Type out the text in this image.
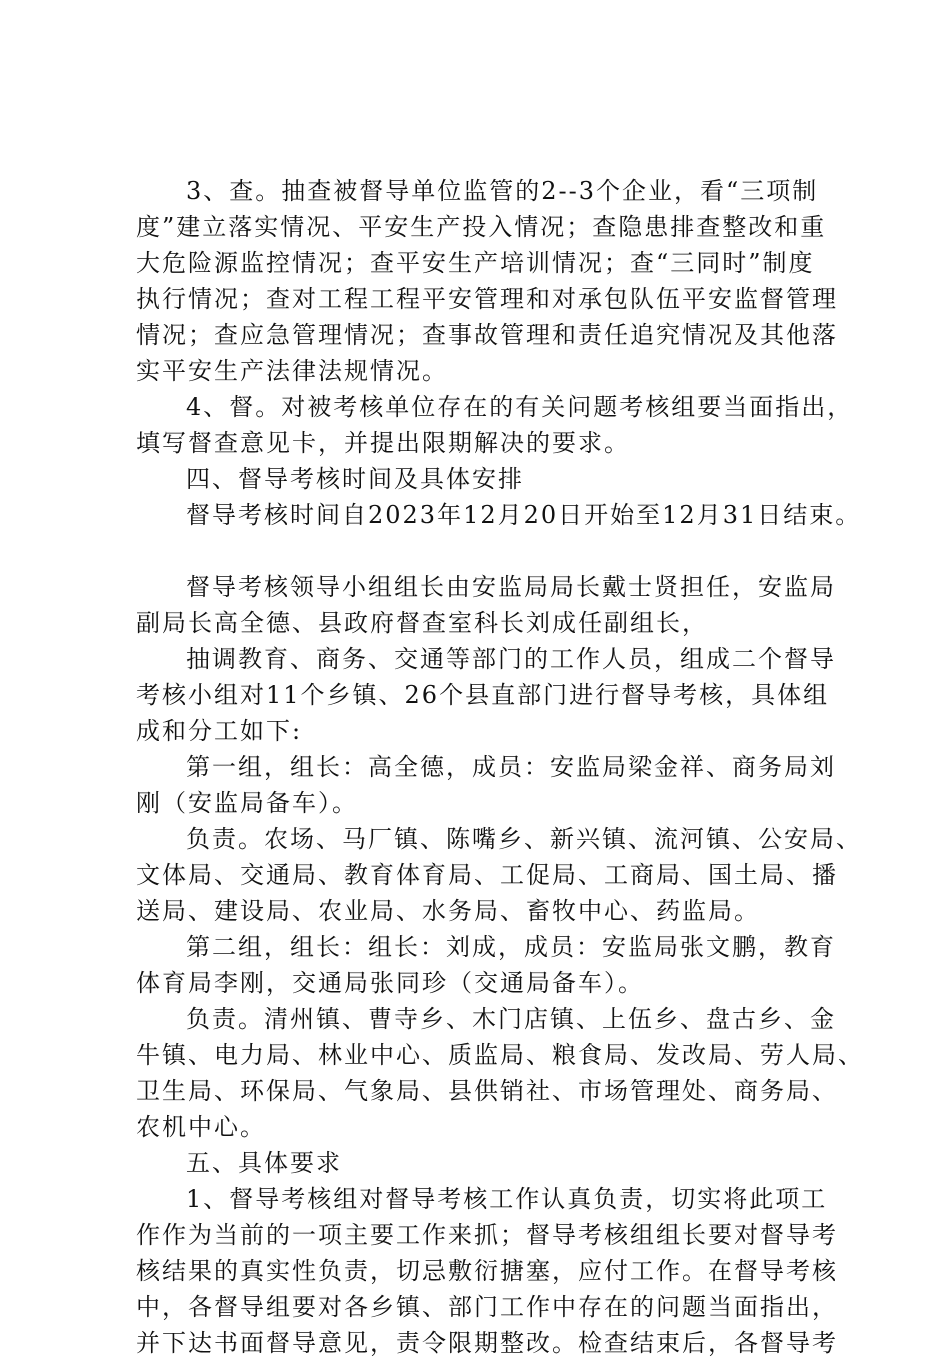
3、查。抽查被督导单位监管的2--3个企业，看“三项制
度”建立落实情况、平安生产投入情况；查隐患排查整改和重
大危险源监控情况；查平安生产培训情况；查“三同时”制度
执行情况；查对工程工程平安管理和对承包队伍平安监督管理
情况；查应急管理情况；查事故管理和责任追究情况及其他落
实平安生产法律法规情况。
4、督。对被考核单位存在的有关问题考核组要当面指出，
填写督查意见卡，并提出限期解决的要求。
四、督导考核时间及具体安排
督导考核时间自2023年12月20日开始至12月31日结束。
督导考核领导小组组长由安监局局长戴士贤担任，安监局
副局长高全德、县政府督查室科长刘成任副组长，
抽调教育、商务、交通等部门的工作人员，组成二个督导
考核小组对11个乡镇、26个县直部门进行督导考核，具体组
成和分工如下:
第一组，组长：高全德，成员：安监局梁金祥、商务局刘
刚（安监局备车）。
负责。农场、马厂镇、陈嘴乡、新兴镇、流河镇、公安局、
文体局、交通局、教育体育局、工促局、工商局、国土局、播
送局、建设局、农业局、水务局、畜牧中心、药监局。
第二组，组长：组长：刘成，成员：安监局张文鹏，教育
体育局李刚，交通局张同珍（交通局备车）。
负责。清州镇、曹寺乡、木门店镇、上伍乡、盘古乡、金
牛镇、电力局、林业中心、质监局、粮食局、发改局、劳人局、
卫生局、环保局、气象局、县供销社、市场管理处、商务局、
农机中心。
五、具体要求
1、督导考核组对督导考核工作认真负责，切实将此项工
作作为当前的一项主要工作来抓；督导考核组组长要对督导考
核结果的真实性负责，切忌敷衍搪塞，应付工作。在督导考核
中，各督导组要对各乡镇、部门工作中存在的问题当面指出，
并下达书面督导意见，责令限期整改。检查结束后，各督导考
